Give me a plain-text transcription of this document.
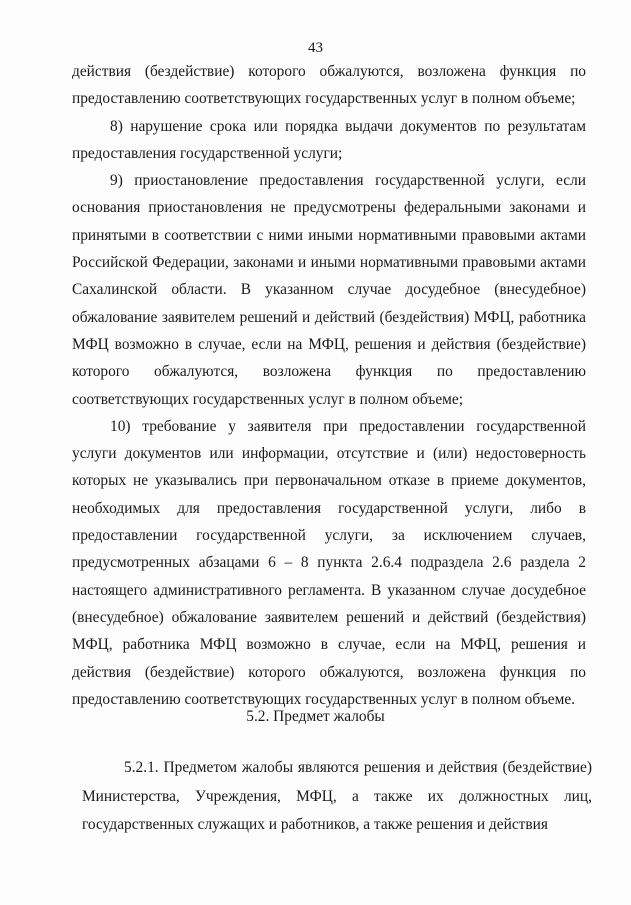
43

действия (бездействие) которого обжалуются, возложена функция по предоставлению соответствующих государственных услуг в полном объеме;

8) нарушение срока или порядка выдачи документов по результатам предоставления государственной услуги;

9) приостановление предоставления государственной услуги, если основания приостановления не предусмотрены федеральными законами и принятыми в соответствии с ними иными нормативными правовыми актами Российской Федерации, законами и иными нормативными правовыми актами Сахалинской области. В указанном случае досудебное (внесудебное) обжалование заявителем решений и действий (бездействия) МФЦ, работника МФЦ возможно в случае, если на МФЦ, решения и действия (бездействие) которого обжалуются, возложена функция по предоставлению соответствующих государственных услуг в полном объеме;

10) требование у заявителя при предоставлении государственной услуги документов или информации, отсутствие и (или) недостоверность которых не указывались при первоначальном отказе в приеме документов, необходимых для предоставления государственной услуги, либо в предоставлении государственной услуги, за исключением случаев, предусмотренных абзацами 6 – 8 пункта 2.6.4 подраздела 2.6 раздела 2 настоящего административного регламента. В указанном случае досудебное (внесудебное) обжалование заявителем решений и действий (бездействия) МФЦ, работника МФЦ возможно в случае, если на МФЦ, решения и действия (бездействие) которого обжалуются, возложена функция по предоставлению соответствующих государственных услуг в полном объеме.

5.2. Предмет жалобы

5.2.1. Предметом жалобы являются решения и действия (бездействие) Министерства, Учреждения, МФЦ, а также их должностных лиц, государственных служащих и работников, а также решения и действия
